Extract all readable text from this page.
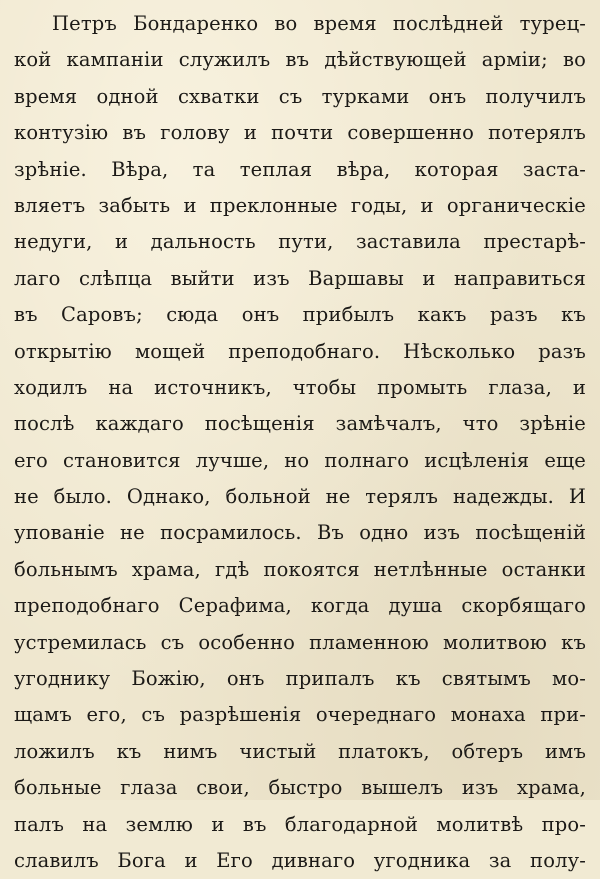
Петръ Бондаренко во время послѣдней турец-
кой кампаніи служилъ въ дѣйствующей арміи; во
время одной схватки съ турками онъ получилъ
контузію въ голову и почти совершенно потерялъ
зрѣніе. Вѣра, та теплая вѣра, которая заста-
вляетъ забыть и преклонные годы, и органическіе
недуги, и дальность пути, заставила престарѣ-
лаго слѣпца выйти изъ Варшавы и направиться
въ Саровъ; сюда онъ прибылъ какъ разъ къ
открытію мощей преподобнаго. Нѣсколько разъ
ходилъ на источникъ, чтобы промыть глаза, и
послѣ каждаго посѣщенія замѣчалъ, что зрѣніе
его становится лучше, но полнаго исцѣленія еще
не было. Однако, больной не терялъ надежды. И
упованіе не посрамилось. Въ одно изъ посѣщеній
больнымъ храма, гдѣ покоятся нетлѣнные останки
преподобнаго Серафима, когда душа скорбящаго
устремилась съ особенно пламенною молитвою къ
угоднику Божію, онъ припалъ къ святымъ мо-
щамъ его, съ разрѣшенія очереднаго монаха при-
ложилъ къ нимъ чистый платокъ, обтеръ имъ
больные глаза свои, быстро вышелъ изъ храма,
палъ на землю и въ благодарной молитвѣ про-
славилъ Бога и Его дивнаго угодника за полу-
